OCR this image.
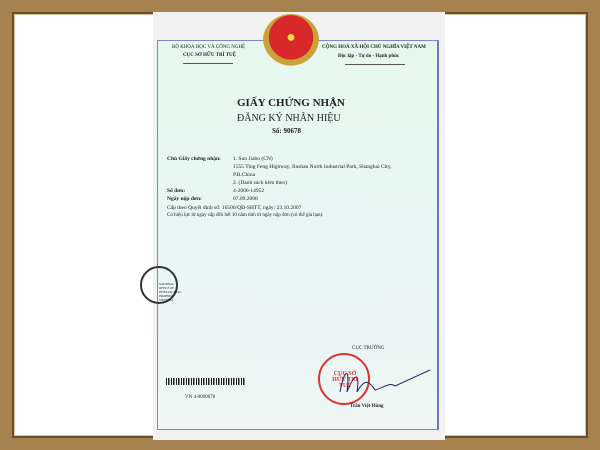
BỘ KHOA HỌC VÀ CÔNG NGHỆ
CỤC SỞ HỮU TRÍ TUỆ
CỘNG HOÀ XÃ HỘI CHỦ NGHĨA VIỆT NAM
Độc lập - Tự do - Hạnh phúc
GIẤY CHỨNG NHẬN
ĐĂNG KÝ NHÃN HIỆU
Số: 90678
Chủ Giấy chứng nhận: 1. Sun Jiabo (CN)
1555 Ting Feng Highway, Jinshan North Industrial Park, Shanghai City,
P.R.China
2. (Danh sách kèm theo)
Số đơn:	4-2006-14952
Ngày nộp đơn:	07.09.2006
Cấp theo Quyết định số: 16506/QĐ-SHTT, ngày: 23.10.2007
Có hiệu lực từ ngày cấp đến hết 10 năm tính từ ngày nộp đơn (có thể gia hạn).
NATIONAL OFFICE OF INTELLECTUAL PROPERTY VIETNAM
CỤC TRƯỞNG
CỤC SỞ HỮU TRÍ TUỆ
Trần Việt Hùng
VN 4-0090678
